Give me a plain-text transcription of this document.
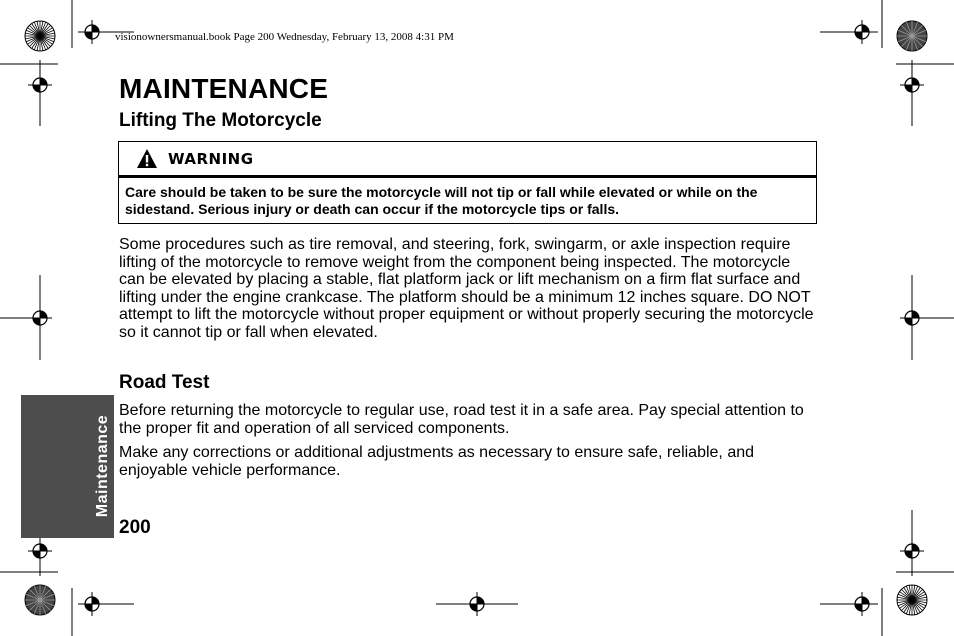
visionownersmanual.book Page 200 Wednesday, February 13, 2008 4:31 PM
MAINTENANCE
Lifting The Motorcycle
WARNING
Care should be taken to be sure the motorcycle will not tip or fall while elevated or while on the sidestand. Serious injury or death can occur if the motorcycle tips or falls.

Some procedures such as tire removal, and steering, fork, swingarm, or axle inspection require lifting of the motorcycle to remove weight from the component being inspected. The motorcycle can be elevated by placing a stable, flat platform jack or lift mechanism on a firm flat surface and lifting under the engine crankcase. The platform should be a minimum 12 inches square. DO NOT attempt to lift the motorcycle without proper equipment or without properly securing the motorcycle so it cannot tip or fall when elevated.

Road Test

Before returning the motorcycle to regular use, road test it in a safe area. Pay special attention to the proper fit and operation of all serviced components.

Make any corrections or additional adjustments as necessary to ensure safe, reliable, and enjoyable vehicle performance.

Maintenance
200
